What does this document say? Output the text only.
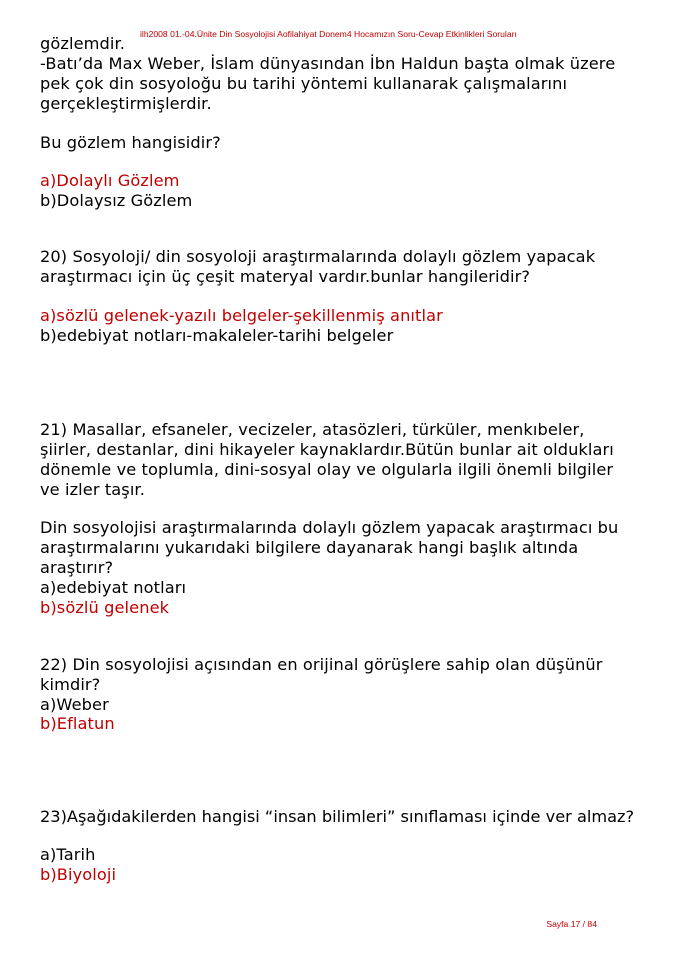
ilh2008 01.-04.Ünite Din Sosyolojisi Aofilahiyat Donem4 Hocamızın Soru-Cevap Etkinlikleri Soruları
gözlemdir.
-Batı’da Max Weber, İslam dünyasından İbn Haldun başta olmak üzere
pek çok din sosyoloğu bu tarihi yöntemi kullanarak çalışmalarını
gerçekleştirmişlerdir.
Bu gözlem hangisidir?
a)Dolaylı Gözlem
b)Dolaysız Gözlem
20) Sosyoloji/ din sosyoloji araştırmalarında dolaylı gözlem yapacak
araştırmacı için üç çeşit materyal vardır.bunlar hangileridir?
a)sözlü gelenek-yazılı belgeler-şekillenmiş anıtlar
b)edebiyat notları-makaleler-tarihi belgeler
21) Masallar, efsaneler, vecizeler, atasözleri, türküler, menkıbeler,
şiirler, destanlar, dini hikayeler kaynaklardır.Bütün bunlar ait oldukları
dönemle ve toplumla, dini-sosyal olay ve olgularla ilgili önemli bilgiler
ve izler taşır.
Din sosyolojisi araştırmalarında dolaylı gözlem yapacak araştırmacı bu
araştırmalarını yukarıdaki bilgilere dayanarak hangi başlık altında
araştırır?
a)edebiyat notları
b)sözlü gelenek
22) Din sosyolojisi açısından en orijinal görüşlere sahip olan düşünür
kimdir?
a)Weber
b)Eflatun
23)Aşağıdakilerden hangisi “insan bilimleri” sınıflaması içinde ver almaz?
a)Tarih
b)Biyoloji
Sayfa 17 / 84
